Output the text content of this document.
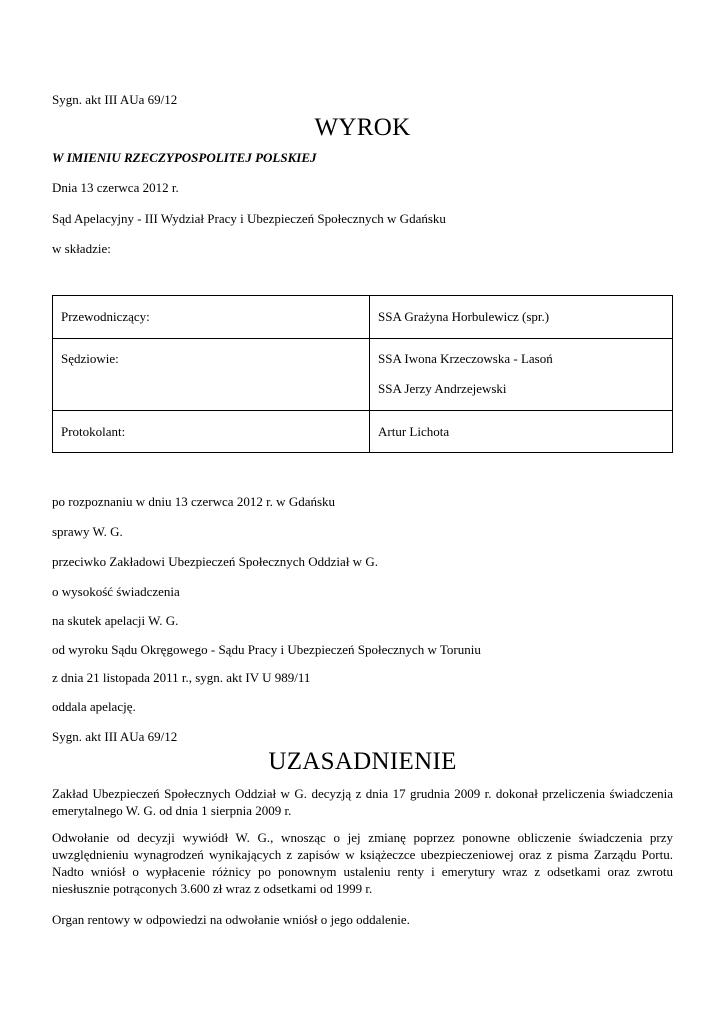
Sygn. akt III AUa 69/12
WYROK
W IMIENIU RZECZYPOSPOLITEJ POLSKIEJ
Dnia 13 czerwca 2012 r.
Sąd Apelacyjny - III Wydział Pracy i Ubezpieczeń Społecznych w Gdańsku
w składzie:
Przewodniczący:	SSA Grażyna Horbulewicz (spr.)

Sędziowie:	SSA Iwona Krzeczowska - Lasoń
SSA Jerzy Andrzejewski

Protokolant:	Artur Lichota
po rozpoznaniu w dniu 13 czerwca 2012 r. w Gdańsku
sprawy W. G.
przeciwko Zakładowi Ubezpieczeń Społecznych Oddział w G.
o wysokość świadczenia
na skutek apelacji W. G.
od wyroku Sądu Okręgowego - Sądu Pracy i Ubezpieczeń Społecznych w Toruniu
z dnia 21 listopada 2011 r., sygn. akt IV U 989/11
oddala apelację.
Sygn. akt III AUa 69/12
UZASADNIENIE
Zakład Ubezpieczeń Społecznych Oddział w G. decyzją z dnia 17 grudnia 2009 r. dokonał przeliczenia świadczenia emerytalnego W. G. od dnia 1 sierpnia 2009 r.
Odwołanie od decyzji wywiódł W. G., wnosząc o jej zmianę poprzez ponowne obliczenie świadczenia przy uwzględnieniu wynagrodzeń wynikających z zapisów w książeczce ubezpieczeniowej oraz z pisma Zarządu Portu. Nadto wniósł o wypłacenie różnicy po ponownym ustaleniu renty i emerytury wraz z odsetkami oraz zwrotu niesłusznie potrąconych 3.600 zł wraz z odsetkami od 1999 r.
Organ rentowy w odpowiedzi na odwołanie wniósł o jego oddalenie.
